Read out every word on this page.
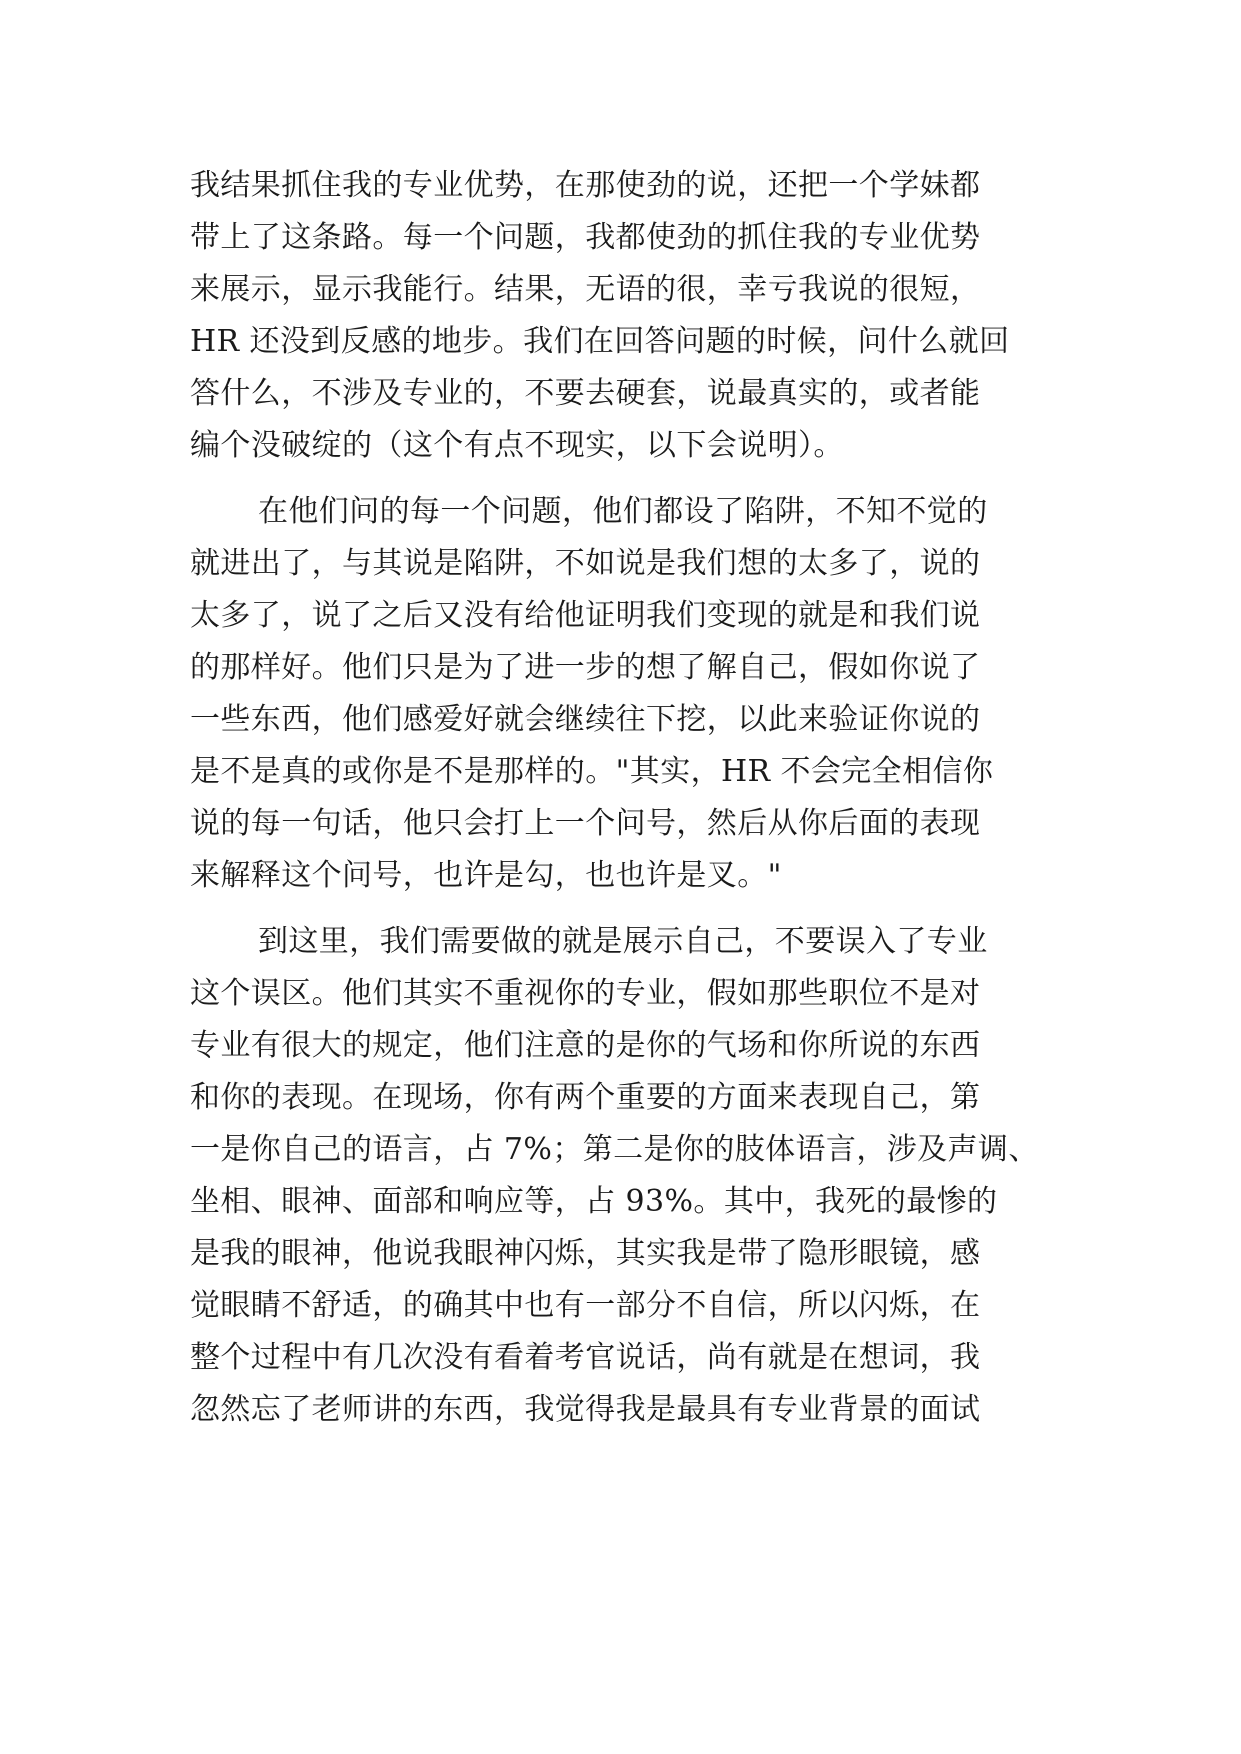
我结果抓住我的专业优势，在那使劲的说，还把一个学妹都
带上了这条路。每一个问题，我都使劲的抓住我的专业优势
来展示，显示我能行。结果，无语的很，幸亏我说的很短，
HR 还没到反感的地步。我们在回答问题的时候，问什么就回
答什么，不涉及专业的，不要去硬套，说最真实的，或者能
编个没破绽的（这个有点不现实，以下会说明）。
在他们问的每一个问题，他们都设了陷阱，不知不觉的
就进出了，与其说是陷阱，不如说是我们想的太多了，说的
太多了，说了之后又没有给他证明我们变现的就是和我们说
的那样好。他们只是为了进一步的想了解自己，假如你说了
一些东西，他们感爱好就会继续往下挖，以此来验证你说的
是不是真的或你是不是那样的。"其实，HR 不会完全相信你
说的每一句话，他只会打上一个问号，然后从你后面的表现
来解释这个问号，也许是勾，也也许是叉。"
到这里，我们需要做的就是展示自己，不要误入了专业
这个误区。他们其实不重视你的专业，假如那些职位不是对
专业有很大的规定，他们注意的是你的气场和你所说的东西
和你的表现。在现场，你有两个重要的方面来表现自己，第
一是你自己的语言，占 7%；第二是你的肢体语言，涉及声调、
坐相、眼神、面部和响应等，占 93%。其中，我死的最惨的
是我的眼神，他说我眼神闪烁，其实我是带了隐形眼镜，感
觉眼睛不舒适，的确其中也有一部分不自信，所以闪烁，在
整个过程中有几次没有看着考官说话，尚有就是在想词，我
忽然忘了老师讲的东西，我觉得我是最具有专业背景的面试
